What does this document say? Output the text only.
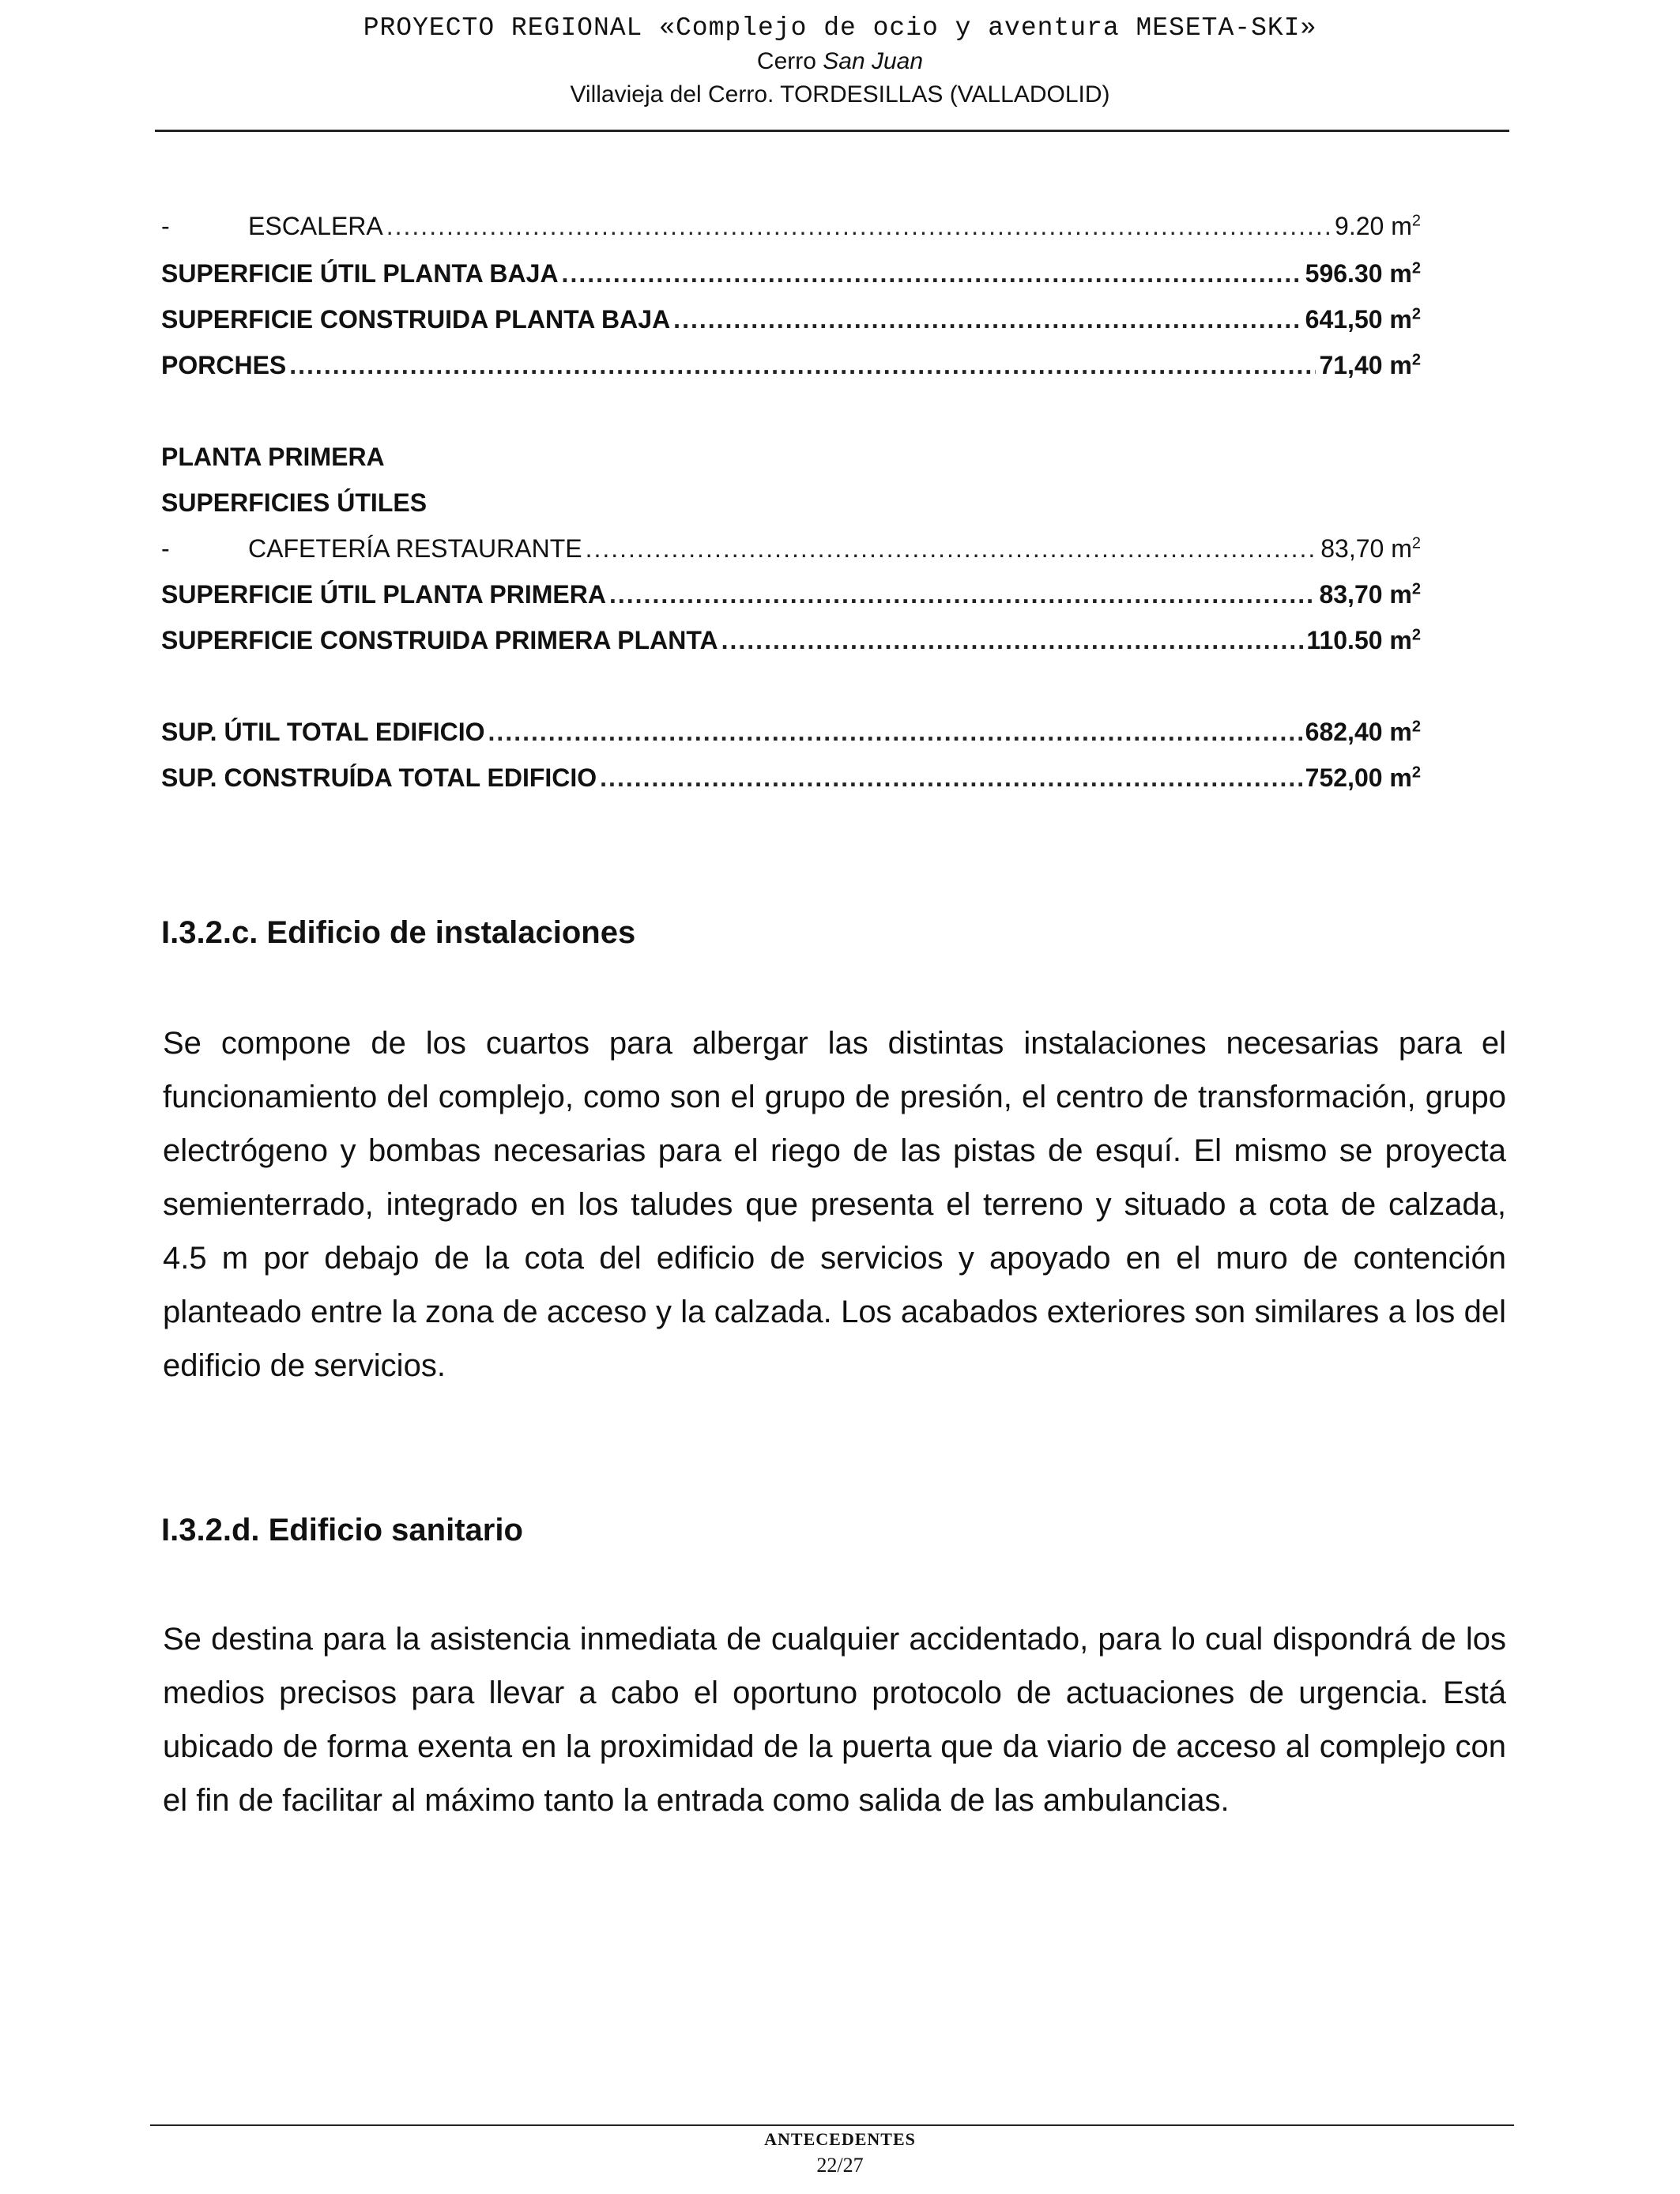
PROYECTO REGIONAL «Complejo de ocio y aventura MESETA-SKI»
Cerro San Juan
Villavieja del Cerro. TORDESILLAS (VALLADOLID)
-	ESCALERA .....	9.20 $m^2$
SUPERFICIE ÚTIL PLANTA BAJA .....	596.30 $m^2$
SUPERFICIE CONSTRUIDA PLANTA BAJA .....	641,50 $m^2$
PORCHES .....	71,40 $m^2$
PLANTA PRIMERA
SUPERFICIES ÚTILES
-	CAFETERÍA RESTAURANTE .....	83,70 $m^2$
SUPERFICIE ÚTIL PLANTA PRIMERA .....	83,70 $m^2$
SUPERFICIE CONSTRUIDA PRIMERA PLANTA .....	110.50 $m^2$
SUP. ÚTIL TOTAL EDIFICIO .....	682,40 $m^2$
SUP. CONSTRUÍDA TOTAL EDIFICIO .....	752,00 $m^2$
I.3.2.c. Edificio de instalaciones
Se compone de los cuartos para albergar las distintas instalaciones necesarias para el funcionamiento del complejo, como son el grupo de presión, el centro de transformación, grupo electrógeno y bombas necesarias para el riego de las pistas de esquí. El mismo se proyecta semienterrado, integrado en los taludes que presenta el terreno y situado a cota de calzada, 4.5 m por debajo de la cota del edificio de servicios y apoyado en el muro de contención planteado entre la zona de acceso y la calzada. Los acabados exteriores son similares a los del edificio de servicios.
I.3.2.d. Edificio sanitario
Se destina para la asistencia inmediata de cualquier accidentado, para lo cual dispondrá de los medios precisos para llevar a cabo el oportuno protocolo de actuaciones de urgencia. Está ubicado de forma exenta en la proximidad de la puerta que da viario de acceso al complejo con el fin de facilitar al máximo tanto la entrada como salida de las ambulancias.
ANTECEDENTES
22/27
